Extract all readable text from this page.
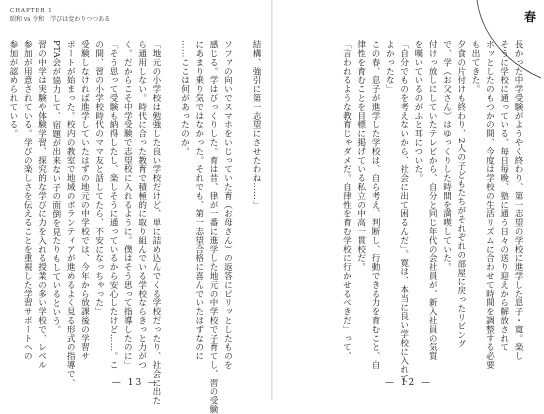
CHAPTER 1
昭和 vs 令和　学びは変わりつつある
結構、強引に第一志望にさせたわね……」

ソファの向いでスマホをいじっていた育（お母さん）の返答にピリッとしたものを
感じる。学はびっくりした。育は昔、律が一番に進学した地元の中学校で子育てし、習の受験
にあまり乗り気ではなかった。それでも、第一志望合格に喜んでいたはずなのに
……ここは何があったのか。

「地元の小学校は勉強した良い学校だけど、単に詰め込んでくる学校だったり、社会に出た
ら通用しない。時代に合った教育で積極的に取り組んでいる学校ならきっと力がつ
く。だからこそ中学受験で志望校に入れるように。僕はそう思って指導したのに」
「そう思って受験も納得したし、楽しそうに通っているから安心したけど……。こ
の間、習の小学校時代のママ友と話してたら、不安になっちゃった」
受験しなければ進学していたはずの地元の中学校では、今年から放課後の学習サ
ポートが始まった。校内の教室で地域のボランティアが進めるよく見る形式の指導で、
PTA会が協力して、宿題が出来ない子の面倒を見たりもしているという。
習の中学は実験や体験学習、探究的な学びに力を入れる授業の多い学校で、レベル
参加が用意されている。学びの楽しさを伝えることを重視した学習サポートへの
参加が認められている。
— 13 —
春
長かった中学受験がようやく終わり、第一志望の学校に進学した息子・寛。楽し
そうに学校に通っている。毎日毎晩、塾に通う日々の送り迎えから解放されて
ホッとしたのもつかの間、今度は学校の生活リズムに合わせて時間を調整する必要
も出てきた。
夕食の片付けも終わり、2人の子どもたちがそれぞれの部屋に戻ったリビング
で、学（お父さん）はゆっくりした時間を満喫していた。
付けっ放しにしていたテレビから、自分と同じ年代の会社員が、新入社員の気質
を嘆いているのがふと耳についた。
「自分でものを考えないから、社会に出て困るんだ」。寛は、本当に良い学校に入れて
よかったな」
この春、息子が進学した学校は、自ら考え、判断し、行動できる力を育むこと、自
律性を育むことを目標に掲げている私立の中高一貫校だ。
「言われるような教育じゃダメだ。自律性を育む学校に行かせるべきだ」って、
— 12 —
